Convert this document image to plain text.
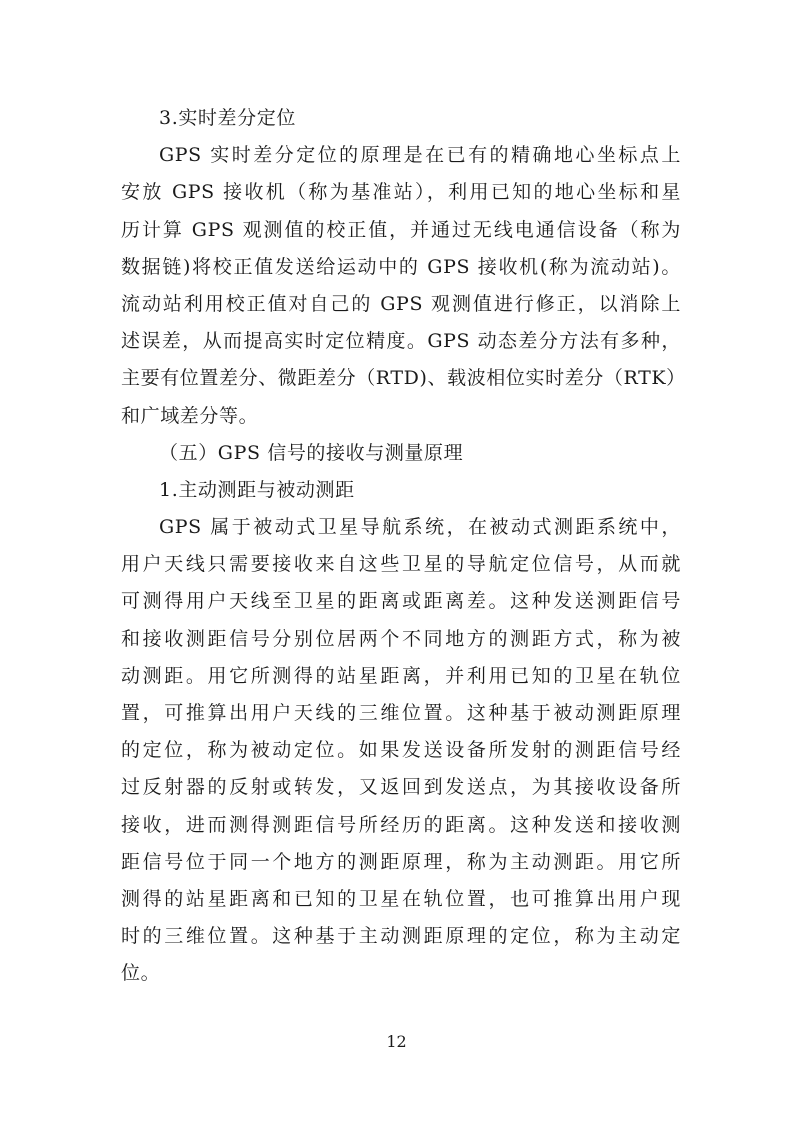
3.实时差分定位
GPS 实时差分定位的原理是在已有的精确地心坐标点上
安放 GPS 接收机（称为基准站），利用已知的地心坐标和星
历计算 GPS 观测值的校正值，并通过无线电通信设备（称为
数据链)将校正值发送给运动中的 GPS 接收机(称为流动站)。
流动站利用校正值对自己的 GPS 观测值进行修正，以消除上
述误差，从而提高实时定位精度。GPS 动态差分方法有多种，
主要有位置差分、微距差分（RTD)、载波相位实时差分（RTK）
和广域差分等。
（五）GPS 信号的接收与测量原理
1.主动测距与被动测距
GPS 属于被动式卫星导航系统，在被动式测距系统中，
用户天线只需要接收来自这些卫星的导航定位信号，从而就
可测得用户天线至卫星的距离或距离差。这种发送测距信号
和接收测距信号分别位居两个不同地方的测距方式，称为被
动测距。用它所测得的站星距离，并利用已知的卫星在轨位
置，可推算出用户天线的三维位置。这种基于被动测距原理
的定位，称为被动定位。如果发送设备所发射的测距信号经
过反射器的反射或转发，又返回到发送点，为其接收设备所
接收，进而测得测距信号所经历的距离。这种发送和接收测
距信号位于同一个地方的测距原理，称为主动测距。用它所
测得的站星距离和已知的卫星在轨位置，也可推算出用户现
时的三维位置。这种基于主动测距原理的定位，称为主动定
位。
12
